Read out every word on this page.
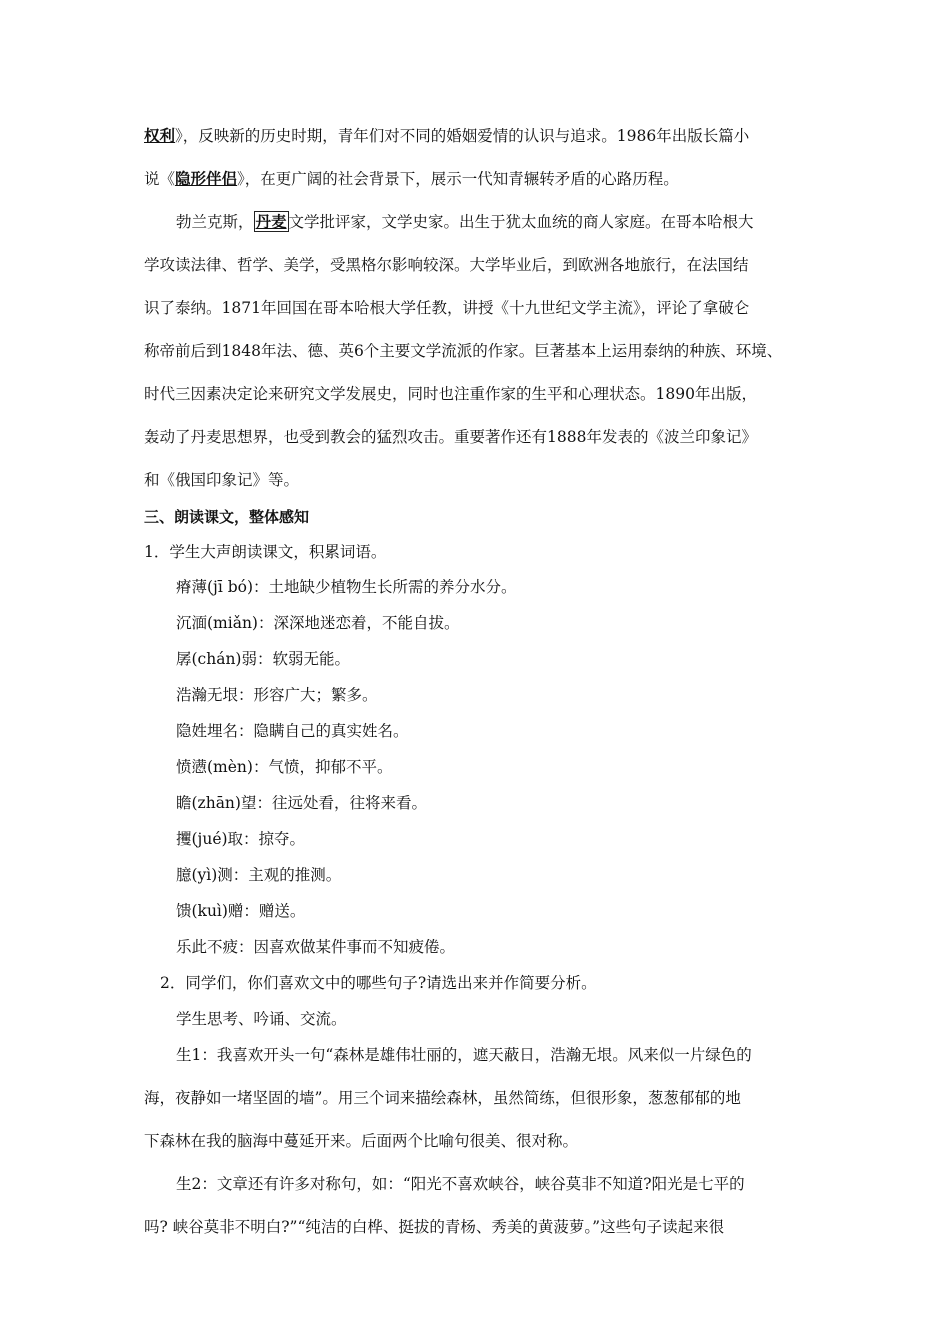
权利》，反映新的历史时期，青年们对不同的婚姻爱情的认识与追求。1986年出版长篇小
说《隐形伴侣》，在更广阔的社会背景下，展示一代知青辗转矛盾的心路历程。
勃兰克斯， 丹麦 文学批评家，文学史家。出生于犹太血统的商人家庭。在哥本哈根大
学攻读法律、哲学、美学，受黑格尔影响较深。大学毕业后，到欧洲各地旅行，在法国结
识了泰纳。1871年回国在哥本哈根大学任教，讲授《十九世纪文学主流》，评论了拿破仑
称帝前后到1848年法、德、英6个主要文学流派的作家。巨著基本上运用泰纳的种族、环境、
时代三因素决定论来研究文学发展史，同时也注重作家的生平和心理状态。1890年出版，
轰动了丹麦思想界，也受到教会的猛烈攻击。重要著作还有1888年发表的《波兰印象记》
和《俄国印象记》等。
三、朗读课文，整体感知
1．学生大声朗读课文，积累词语。
瘠薄(jī bó)：土地缺少植物生长所需的养分水分。
沉湎(miǎn)：深深地迷恋着，不能自拔。
孱(chán)弱：软弱无能。
浩瀚无垠：形容广大；繁多。
隐姓埋名：隐瞒自己的真实姓名。
愤懑(mèn)：气愤，抑郁不平。
瞻(zhān)望：往远处看，往将来看。
攫(jué)取：掠夺。
臆(yì)测：主观的推测。
馈(kuì)赠：赠送。
乐此不疲：因喜欢做某件事而不知疲倦。
2．同学们，你们喜欢文中的哪些句子?请选出来并作简要分析。
学生思考、吟诵、交流。
生1：我喜欢开头一句“森林是雄伟壮丽的，遮天蔽日，浩瀚无垠。风来似一片绿色的
海，夜静如一堵坚固的墙”。用三个词来描绘森林，虽然简练，但很形象，葱葱郁郁的地
下森林在我的脑海中蔓延开来。后面两个比喻句很美、很对称。
生2：文章还有许多对称句，如：“阳光不喜欢峡谷，峡谷莫非不知道?阳光是七平的
吗? 峡谷莫非不明白?”“纯洁的白桦、挺拔的青杨、秀美的黄菠萝。”这些句子读起来很
